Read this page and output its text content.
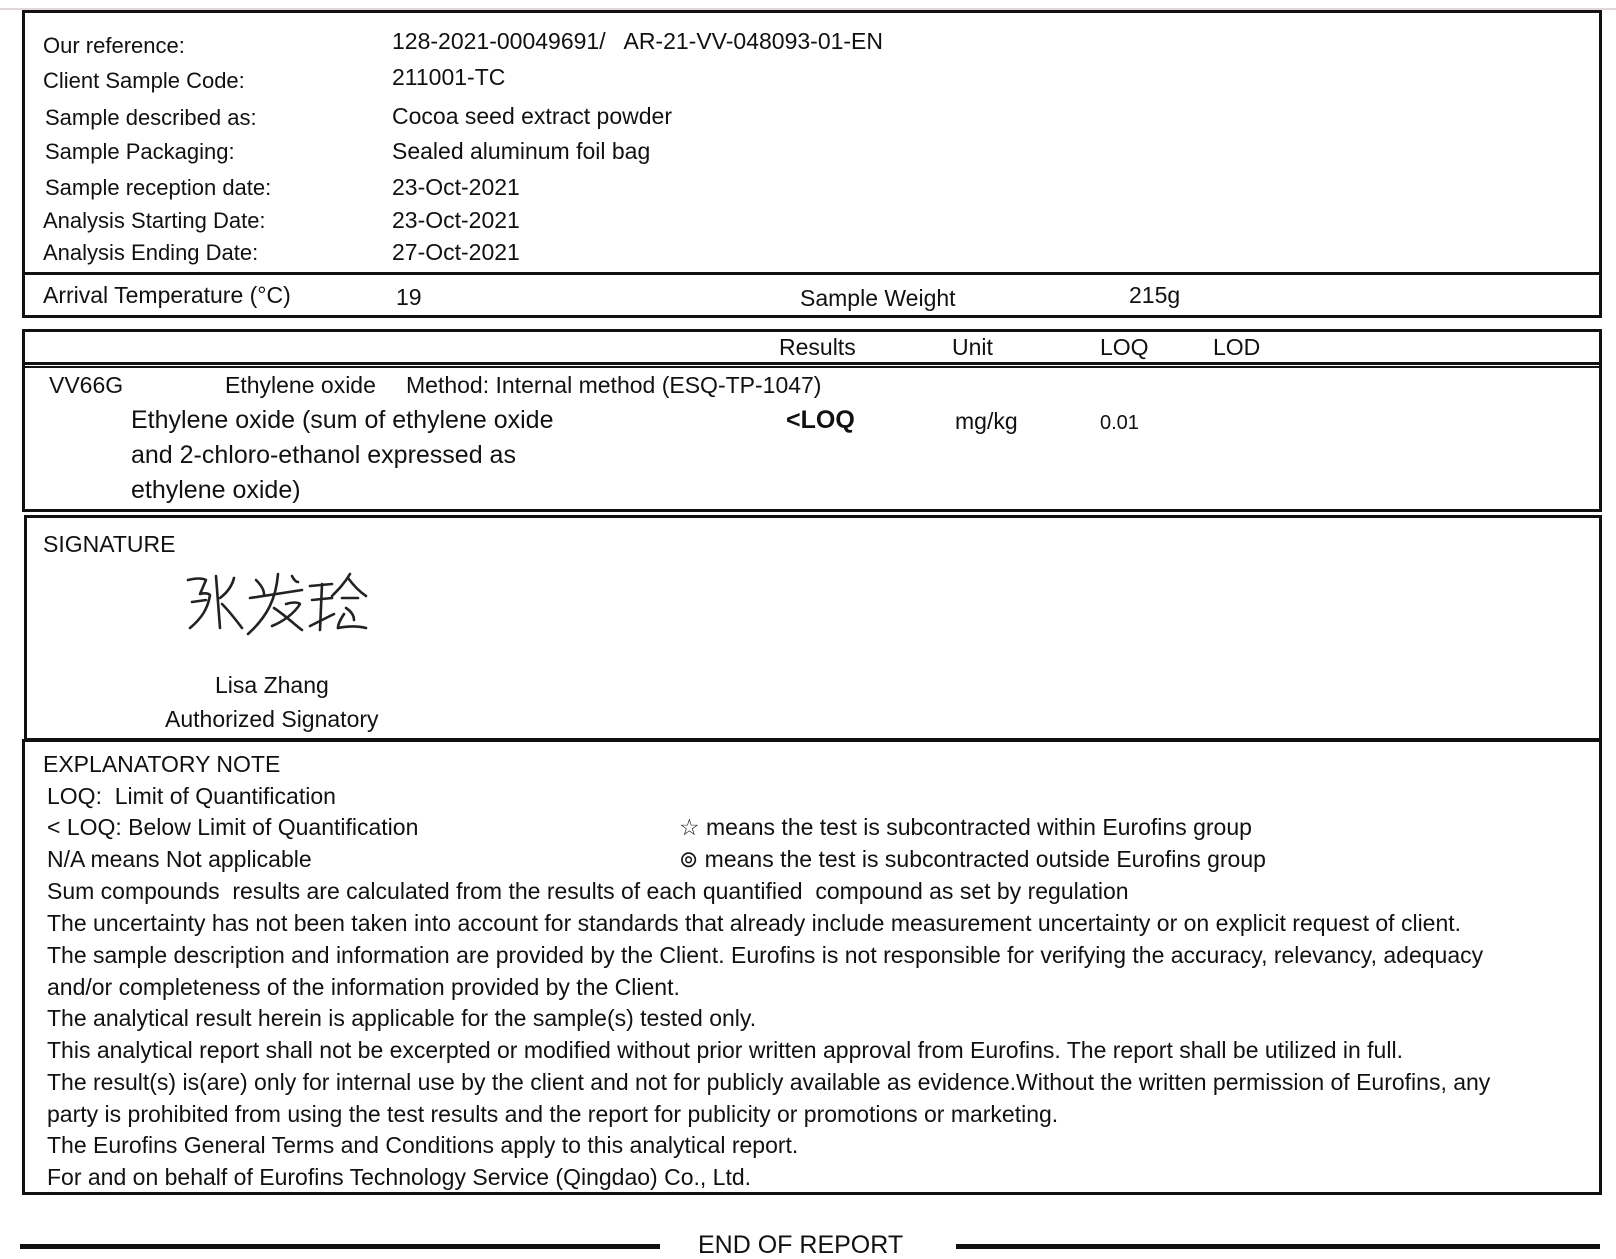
Our reference:	128-2021-00049691/   AR-21-VV-048093-01-EN
Client Sample Code:	211001-TC
Sample described as:	Cocoa seed extract powder
Sample Packaging:	Sealed aluminum foil bag
Sample reception date:	23-Oct-2021
Analysis Starting Date:	23-Oct-2021
Analysis Ending Date:	27-Oct-2021
Arrival Temperature (°C)	19	Sample Weight	215g
Results	Unit	LOQ	LOD
VV66G	Ethylene oxide Method: Internal method (ESQ-TP-1047)
Ethylene oxide (sum of ethylene oxide
and 2-chloro-ethanol expressed as
ethylene oxide)
<LOQ	mg/kg	0.01
SIGNATURE
Lisa Zhang
Authorized Signatory
EXPLANATORY NOTE
LOQ:  Limit of Quantification
< LOQ: Below Limit of Quantification
N/A means Not applicable
☆ means the test is subcontracted within Eurofins group
⊚ means the test is subcontracted outside Eurofins group
Sum compounds  results are calculated from the results of each quantified  compound as set by regulation
The uncertainty has not been taken into account for standards that already include measurement uncertainty or on explicit request of client.
The sample description and information are provided by the Client. Eurofins is not responsible for verifying the accuracy, relevancy, adequacy
and/or completeness of the information provided by the Client.
The analytical result herein is applicable for the sample(s) tested only.
This analytical report shall not be excerpted or modified without prior written approval from Eurofins. The report shall be utilized in full.
The result(s) is(are) only for internal use by the client and not for publicly available as evidence.Without the written permission of Eurofins, any
party is prohibited from using the test results and the report for publicity or promotions or marketing.
The Eurofins General Terms and Conditions apply to this analytical report.
For and on behalf of Eurofins Technology Service (Qingdao) Co., Ltd.
END OF REPORT
